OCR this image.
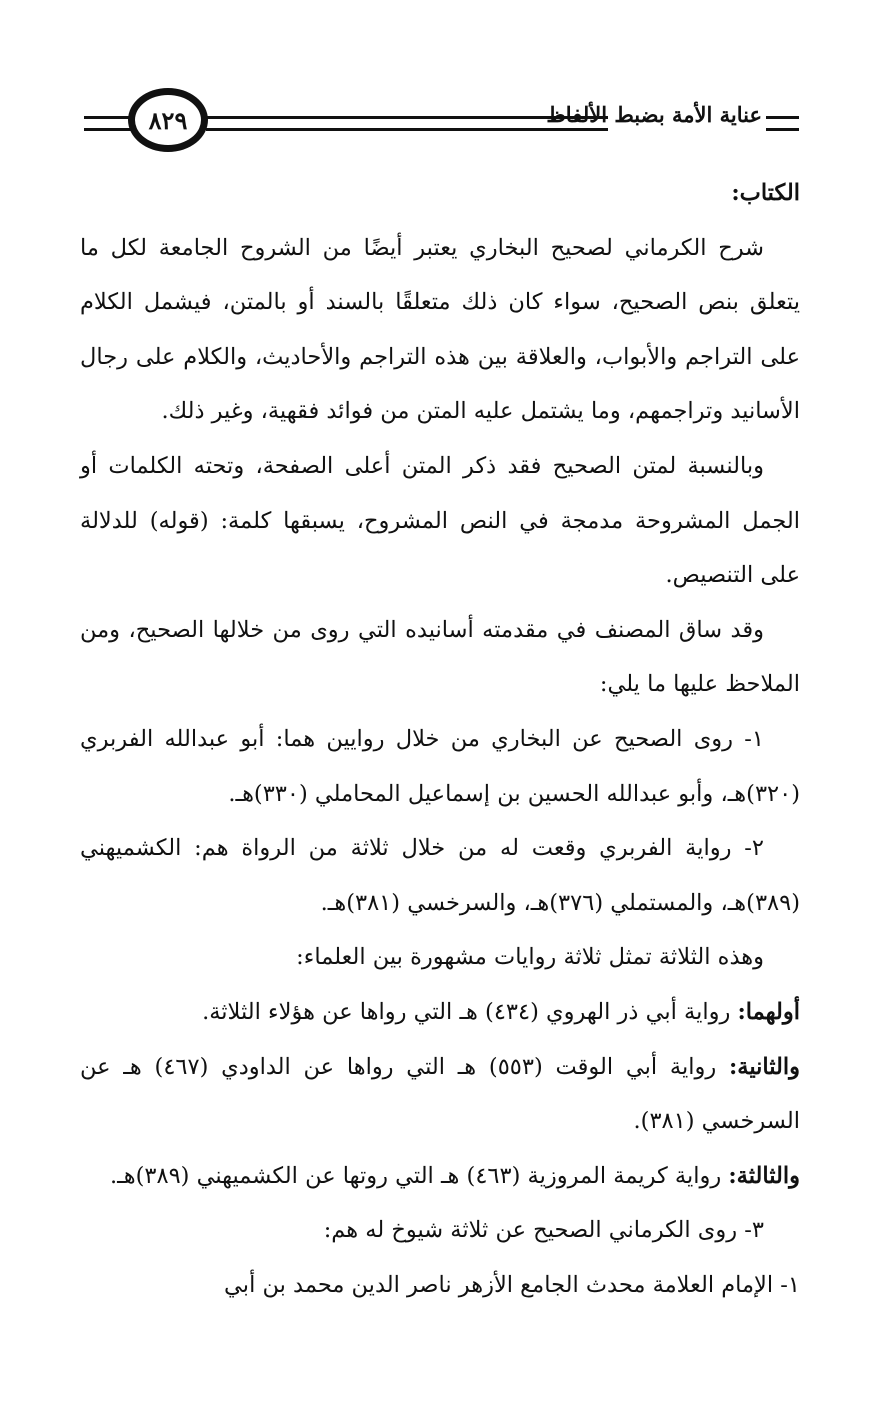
٨٢٩	عناية الأمة بضبط الألفاظ

الكتاب:

شرح الكرماني لصحيح البخاري يعتبر أيضًا من الشروح الجامعة لكل ما يتعلق بنص الصحيح، سواء كان ذلك متعلقًا بالسند أو بالمتن، فيشمل الكلام على التراجم والأبواب، والعلاقة بين هذه التراجم والأحاديث، والكلام على رجال الأسانيد وتراجمهم، وما يشتمل عليه المتن من فوائد فقهية، وغير ذلك.

وبالنسبة لمتن الصحيح فقد ذكر المتن أعلى الصفحة، وتحته الكلمات أو الجمل المشروحة مدمجة في النص المشروح، يسبقها كلمة: (قوله) للدلالة على التنصيص.

وقد ساق المصنف في مقدمته أسانيده التي روى من خلالها الصحيح، ومن الملاحظ عليها ما يلي:

١- روى الصحيح عن البخاري من خلال روايين هما: أبو عبدالله الفربري (٣٢٠)هـ، وأبو عبدالله الحسين بن إسماعيل المحاملي (٣٣٠)هـ.

٢- رواية الفربري وقعت له من خلال ثلاثة من الرواة هم: الكشميهني (٣٨٩)هـ، والمستملي (٣٧٦)هـ، والسرخسي (٣٨١)هـ.

وهذه الثلاثة تمثل ثلاثة روايات مشهورة بين العلماء:

أولهما: رواية أبي ذر الهروي (٤٣٤) هـ التي رواها عن هؤلاء الثلاثة.

والثانية: رواية أبي الوقت (٥٥٣) هـ التي رواها عن الداودي (٤٦٧) هـ عن السرخسي (٣٨١).

والثالثة: رواية كريمة المروزية (٤٦٣) هـ التي روتها عن الكشميهني (٣٨٩)هـ.

٣- روى الكرماني الصحيح عن ثلاثة شيوخ له هم:

١- الإمام العلامة محدث الجامع الأزهر ناصر الدين محمد بن أبي
